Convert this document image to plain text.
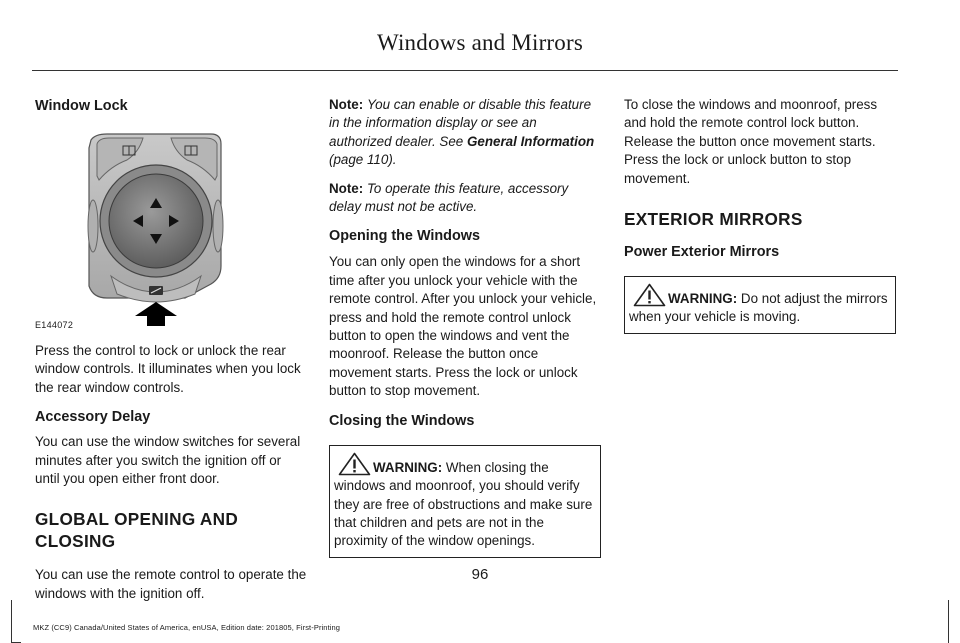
Windows and Mirrors
Window Lock
E144072

Press the control to lock or unlock the rear window controls. It illuminates when you lock the rear window controls.

Accessory Delay

You can use the window switches for several minutes after you switch the ignition off or until you open either front door.

GLOBAL OPENING AND CLOSING

You can use the remote control to operate the windows with the ignition off.

Note: You can enable or disable this feature in the information display or see an authorized dealer. See General Information (page 110).

Note: To operate this feature, accessory delay must not be active.

Opening the Windows

You can only open the windows for a short time after you unlock your vehicle with the remote control. After you unlock your vehicle, press and hold the remote control unlock button to open the windows and vent the moonroof. Release the button once movement starts. Press the lock or unlock button to stop movement.

Closing the Windows

WARNING: When closing the windows and moonroof, you should verify they are free of obstructions and make sure that children and pets are not in the proximity of the window openings.

To close the windows and moonroof, press and hold the remote control lock button. Release the button once movement starts. Press the lock or unlock button to stop movement.

EXTERIOR MIRRORS
Power Exterior Mirrors

WARNING: Do not adjust the mirrors when your vehicle is moving.

96
MKZ (CC9) Canada/United States of America, enUSA, Edition date: 201805, First-Printing
